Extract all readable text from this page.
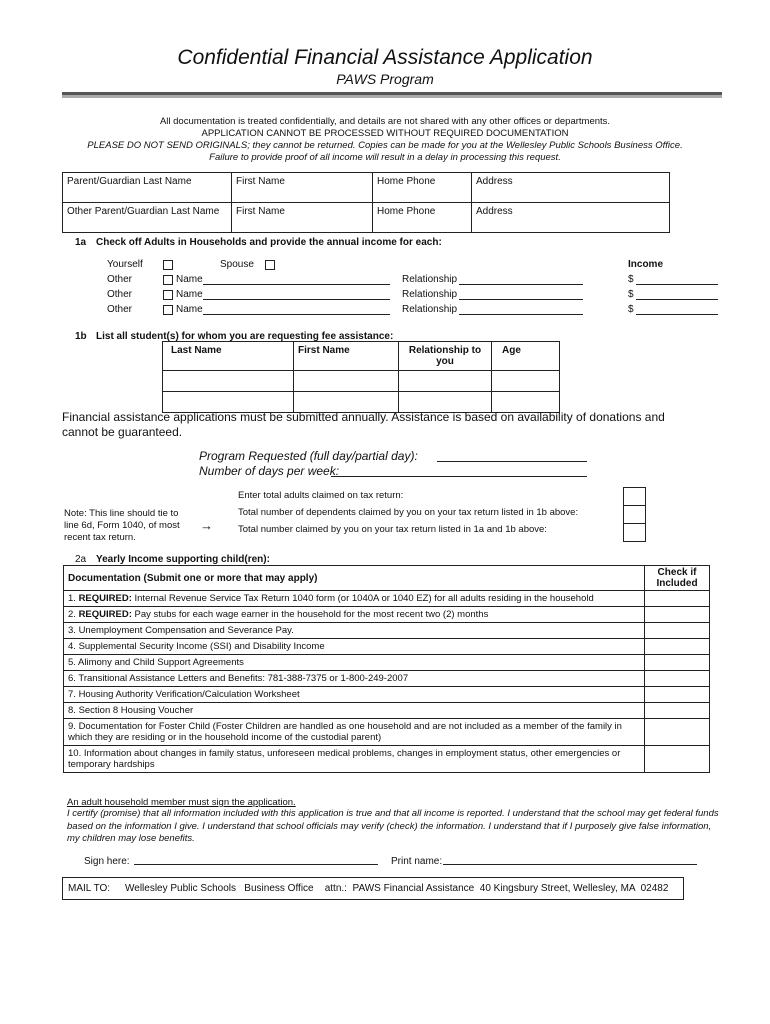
Confidential Financial Assistance Application
PAWS Program
All documentation is treated confidentially, and details are not shared with any other offices or departments.
APPLICATION CANNOT BE PROCESSED WITHOUT REQUIRED DOCUMENTATION
PLEASE DO NOT SEND ORIGINALS; they cannot be returned. Copies can be made for you at the Wellesley Public Schools Business Office.
Failure to provide proof of all income will result in a delay in processing this request.
Parent/Guardian Last Name	First Name	Home Phone	Address
Other Parent/Guardian Last Name	First Name	Home Phone	Address
1a Check off Adults in Households and provide the annual income for each:
Yourself	Spouse	Income
Other	Name	Relationship	$
Other	Name	Relationship	$
Other	Name	Relationship	$
1b List all student(s) for whom you are requesting fee assistance:
Last Name	First Name	Relationship to you	Age

Financial assistance applications must be submitted annually. Assistance is based on availability of donations and cannot be guaranteed.
Program Requested (full day/partial day):
Number of days per week:
Enter total adults claimed on tax return:
Total number of dependents claimed by you on your tax return listed in 1b above:
Total number claimed by you on your tax return listed in 1a and 1b above:
Note: This line should tie to line 6d, Form 1040, of most recent tax return.
→
2a Yearly Income supporting child(ren):
Documentation (Submit one or more that may apply)	Check if Included
1. REQUIRED: Internal Revenue Service Tax Return 1040 form (or 1040A or 1040 EZ) for all adults residing in the household	
2. REQUIRED: Pay stubs for each wage earner in the household for the most recent two (2) months	
3. Unemployment Compensation and Severance Pay.	
4. Supplemental Security Income (SSI) and Disability Income	
5. Alimony and Child Support Agreements	
6. Transitional Assistance Letters and Benefits: 781-388-7375 or 1-800-249-2007	
7. Housing Authority Verification/Calculation Worksheet	
8. Section 8 Housing Voucher	
9. Documentation for Foster Child (Foster Children are handled as one household and are not included as a member of the family in which they are residing or in the household income of the custodial parent)	
10. Information about changes in family status, unforeseen medical problems, changes in employment status, other emergencies or temporary hardships	
An adult household member must sign the application.
I certify (promise) that all information included with this application is true and that all income is reported. I understand that the school may get federal funds based on the information I give. I understand that school officials may verify (check) the information. I understand that if I purposely give false information, my children may lose benefits.
Sign here:	Print name:
MAIL TO: Wellesley Public Schools   Business Office    attn.:  PAWS Financial Assistance  40 Kingsbury Street, Wellesley, MA  02482
